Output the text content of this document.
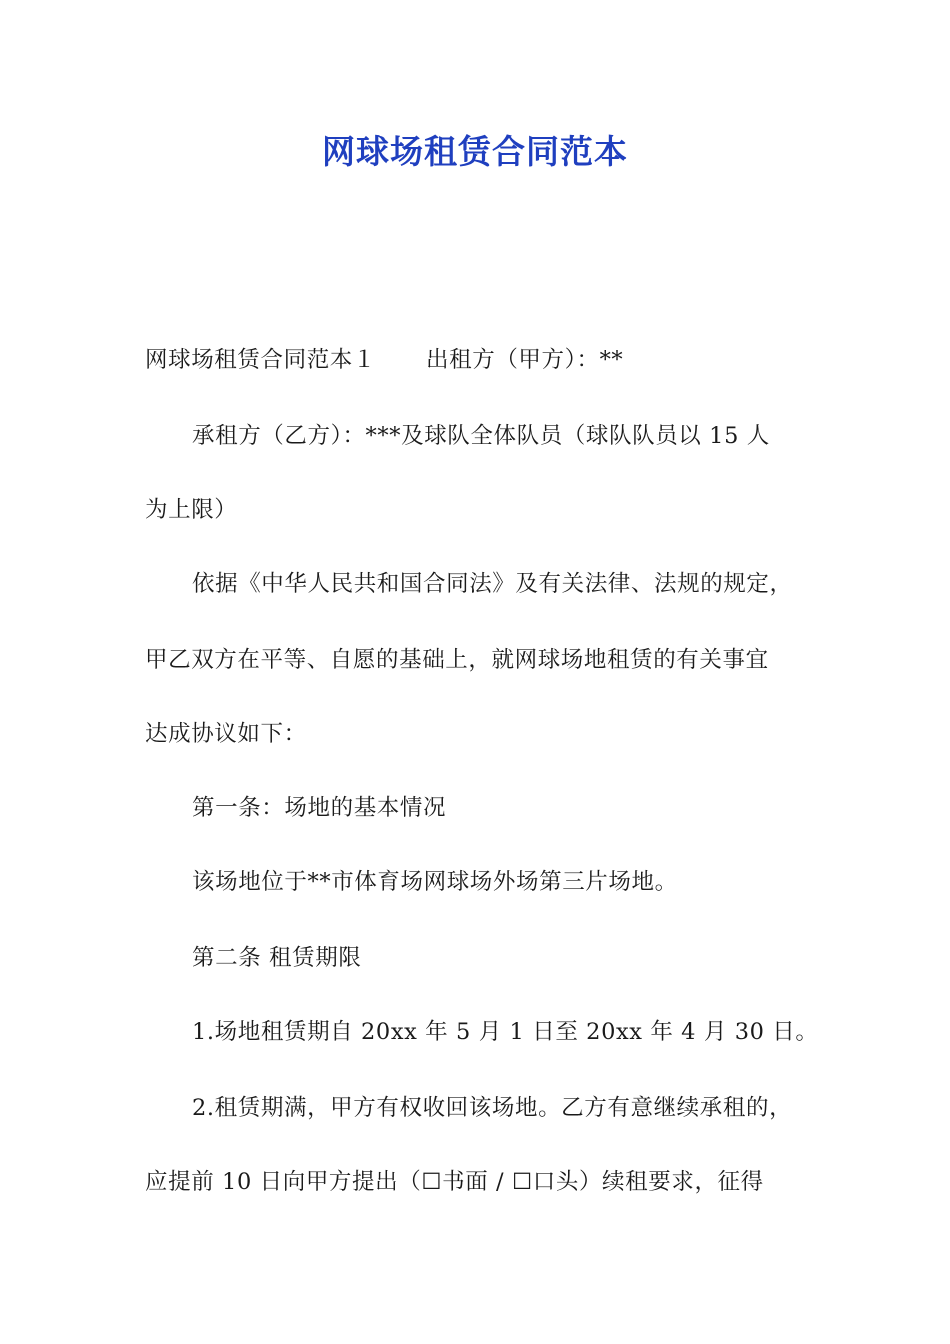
网球场租赁合同范本
网球场租赁合同范本１ 出租方（甲方）：**
承租方（乙方）：***及球队全体队员（球队队员以 15 人
为上限）
依据《中华人民共和国合同法》及有关法律、法规的规定，
甲乙双方在平等、自愿的基础上，就网球场地租赁的有关事宜
达成协议如下：
第一条：场地的基本情况
该场地位于**市体育场网球场外场第三片场地。
第二条 租赁期限
1.场地租赁期自 20xx 年 5 月 1 日至 20xx 年 4 月 30 日。
2.租赁期满，甲方有权收回该场地。乙方有意继续承租的，
应提前 10 日向甲方提出（☐书面 / ☐口头）续租要求，征得
